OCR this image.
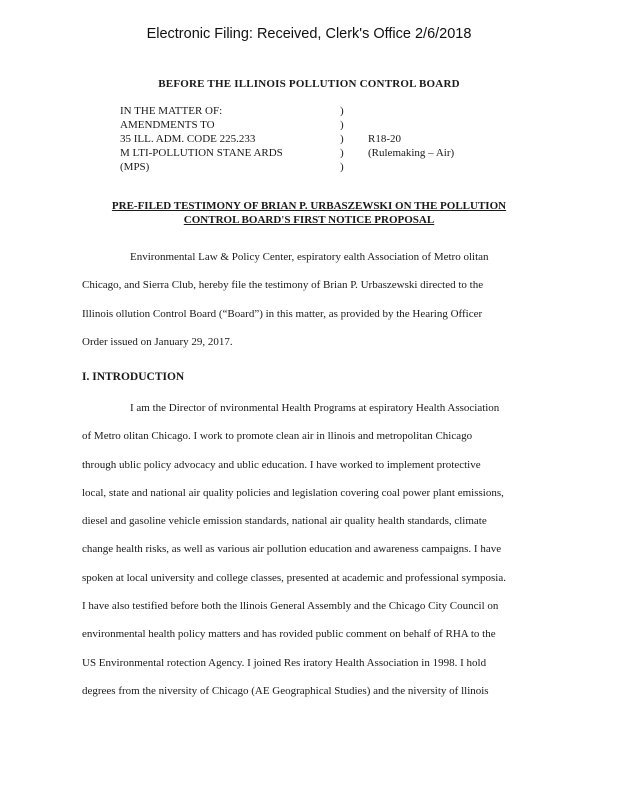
Electronic Filing: Received, Clerk's Office 2/6/2018
BEFORE THE ILLINOIS POLLUTION CONTROL BOARD
IN THE MATTER OF:	)
AMENDMENTS TO	)
35 ILL. ADM. CODE 225.233	)	R18-20
M LTI-POLLUTION STANE ARDS	)	(Rulemaking – Air)
(MPS)	)
PRE-FILED TESTIMONY OF BRIAN P. URBASZEWSKI ON THE POLLUTION
CONTROL BOARD'S FIRST NOTICE PROPOSAL
Environmental Law & Policy Center, espiratory ealth Association of Metro olitan
Chicago, and Sierra Club, hereby file the testimony of Brian P. Urbaszewski directed to the
Illinois ollution Control Board (“Board”) in this matter, as provided by the Hearing Officer
Order issued on January 29, 2017.
I. INTRODUCTION
I am the Director of nvironmental Health Programs at espiratory Health Association
of Metro olitan Chicago. I work to promote clean air in llinois and metropolitan Chicago
through ublic policy advocacy and ublic education. I have worked to implement protective
local, state and national air quality policies and legislation covering coal power plant emissions,
diesel and gasoline vehicle emission standards, national air quality health standards, climate
change health risks, as well as various air pollution education and awareness campaigns. I have
spoken at local university and college classes, presented at academic and professional symposia.
I have also testified before both the llinois General Assembly and the Chicago City Council on
environmental health policy matters and has rovided public comment on behalf of RHA to the
US Environmental rotection Agency. I joined Res iratory Health Association in 1998. I hold
degrees from the niversity of Chicago (AE Geographical Studies) and the niversity of llinois
